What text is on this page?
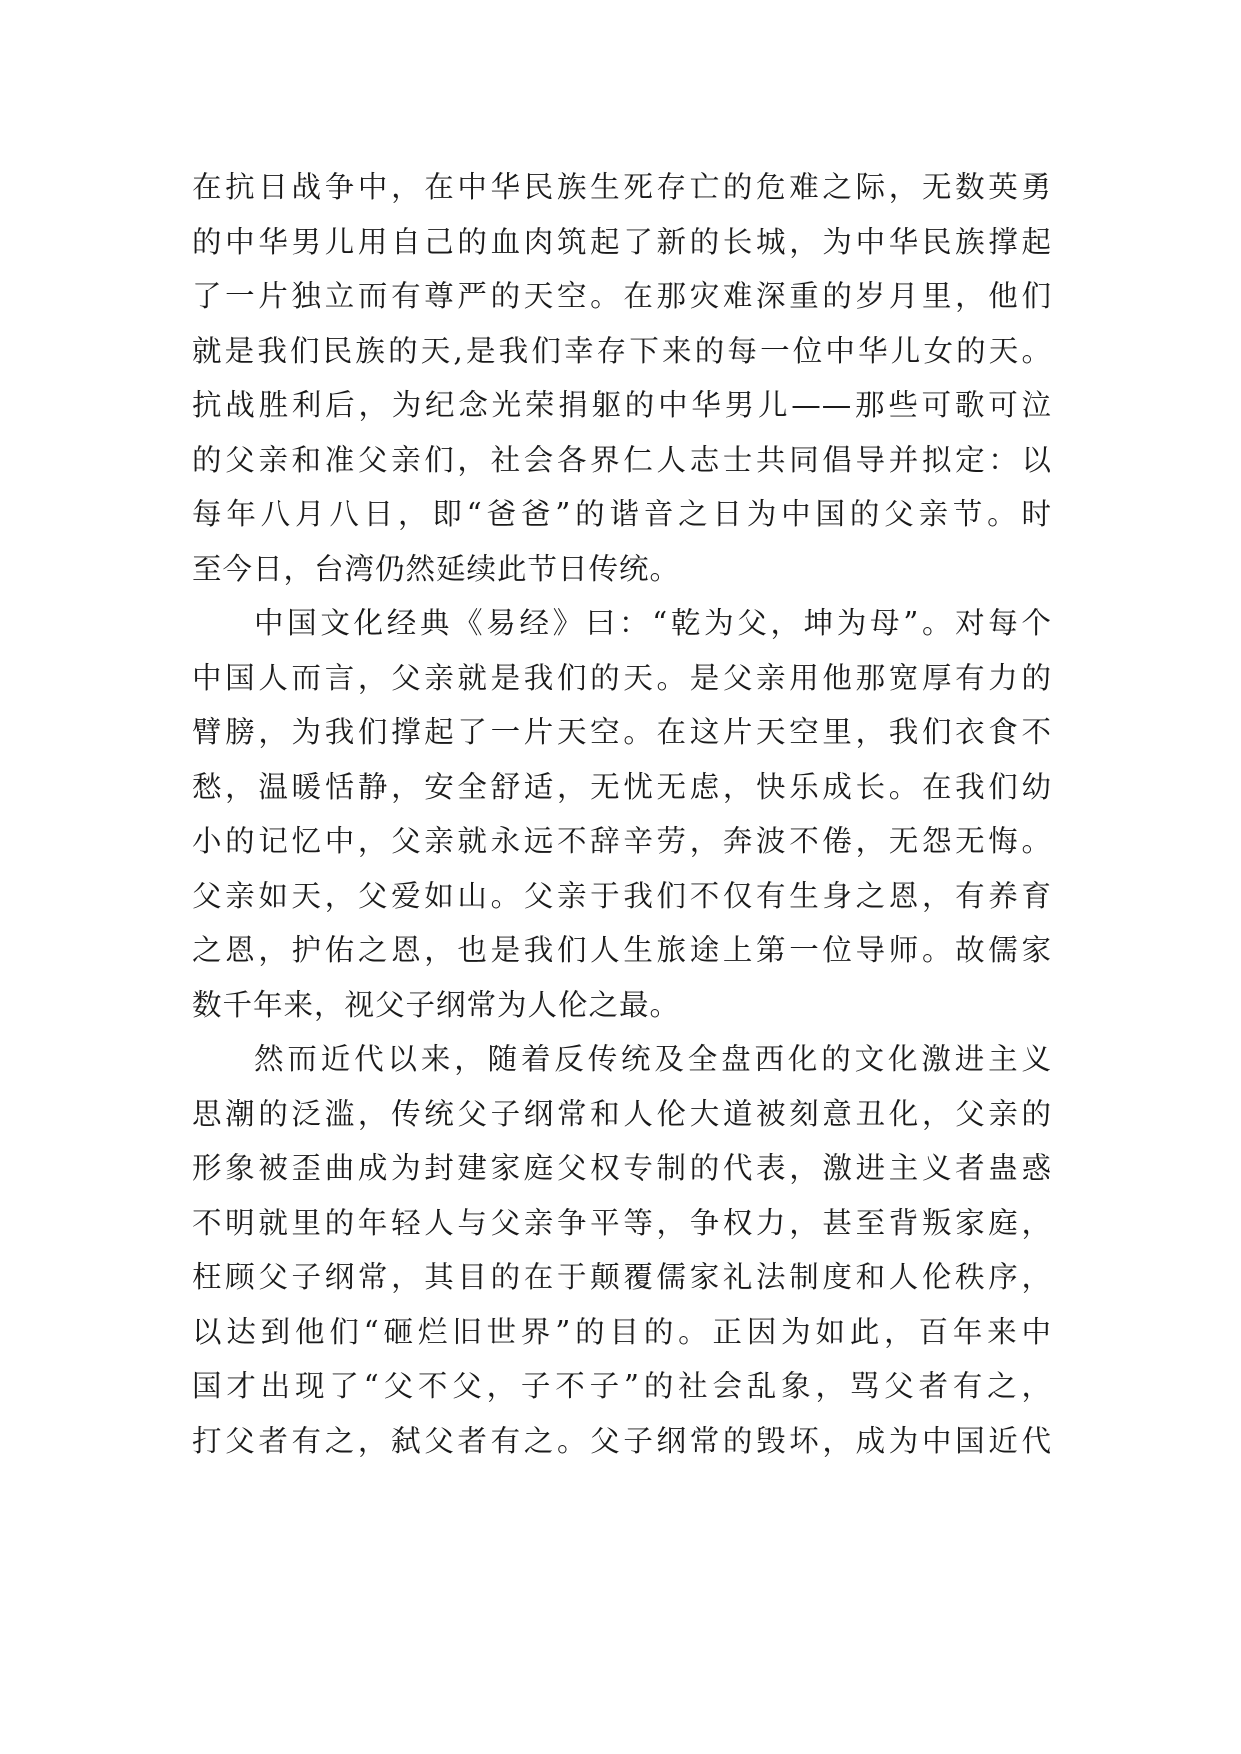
在抗日战争中，在中华民族生死存亡的危难之际，无数英勇
的中华男儿用自己的血肉筑起了新的长城，为中华民族撑起
了一片独立而有尊严的天空。在那灾难深重的岁月里，他们
就是我们民族的天,是我们幸存下来的每一位中华儿女的天。
抗战胜利后，为纪念光荣捐躯的中华男儿——那些可歌可泣
的父亲和准父亲们，社会各界仁人志士共同倡导并拟定：以
每年八月八日，即“爸爸”的谐音之日为中国的父亲节。时
至今日，台湾仍然延续此节日传统。
中国文化经典《易经》曰：“乾为父，坤为母”。对每个
中国人而言，父亲就是我们的天。是父亲用他那宽厚有力的
臂膀，为我们撑起了一片天空。在这片天空里，我们衣食不
愁，温暖恬静，安全舒适，无忧无虑，快乐成长。在我们幼
小的记忆中，父亲就永远不辞辛劳，奔波不倦，无怨无悔。
父亲如天，父爱如山。父亲于我们不仅有生身之恩，有养育
之恩，护佑之恩，也是我们人生旅途上第一位导师。故儒家
数千年来，视父子纲常为人伦之最。
然而近代以来，随着反传统及全盘西化的文化激进主义
思潮的泛滥，传统父子纲常和人伦大道被刻意丑化，父亲的
形象被歪曲成为封建家庭父权专制的代表，激进主义者蛊惑
不明就里的年轻人与父亲争平等，争权力，甚至背叛家庭，
枉顾父子纲常，其目的在于颠覆儒家礼法制度和人伦秩序，
以达到他们“砸烂旧世界”的目的。正因为如此，百年来中
国才出现了“父不父，子不子”的社会乱象，骂父者有之，
打父者有之，弑父者有之。父子纲常的毁坏，成为中国近代
